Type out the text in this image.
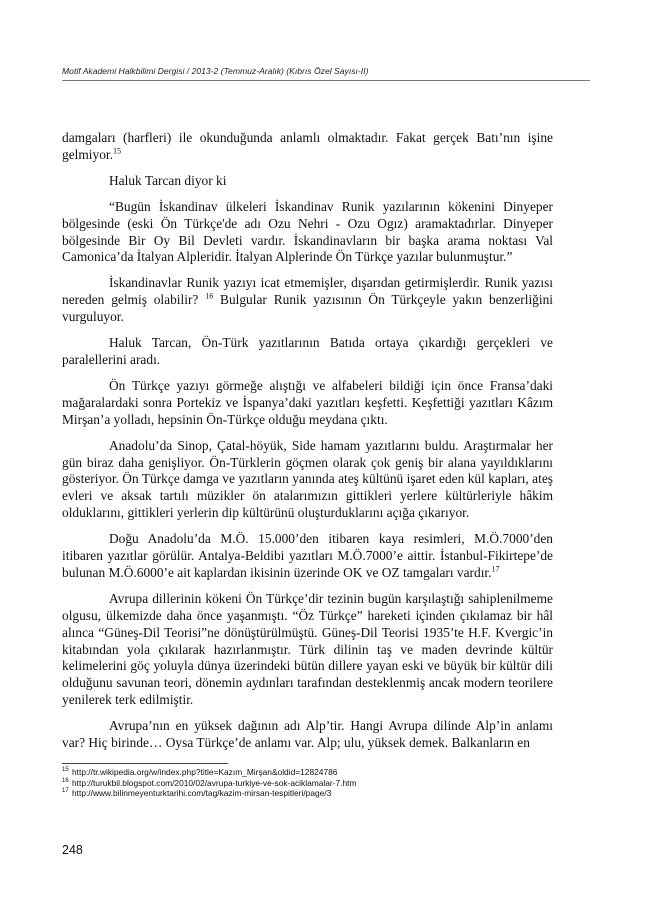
Motif Akademi Halkbilimi Dergisi / 2013-2 (Temmuz-Aralık) (Kıbrıs Özel Sayısı-II)

damgaları (harfleri) ile okunduğunda anlamlı olmaktadır. Fakat gerçek Batı’nın işine gelmiyor.$^{15}$

Haluk Tarcan diyor ki

“Bugün İskandinav ülkeleri İskandinav Runik yazılarının kökenini Dinyeper bölgesinde (eski Ön Türkçe'de adı Ozu Nehri - Ozu Ogız) aramaktadırlar. Dinyeper bölgesinde Bir Oy Bil Devleti vardır. İskandinavların bir başka arama noktası Val Camonica’da İtalyan Alpleridir. İtalyan Alplerinde Ön Türkçe yazılar bulunmuştur.”

İskandinavlar Runik yazıyı icat etmemişler, dışarıdan getirmişlerdir. Runik yazısı nereden gelmiş olabilir? $^{16}$ Bulgular Runik yazısının Ön Türkçeyle yakın benzerliğini vurguluyor.

Haluk Tarcan, Ön-Türk yazıtlarının Batıda ortaya çıkardığı gerçekleri ve paralellerini aradı.

Ön Türkçe yazıyı görmeğe alıştığı ve alfabeleri bildiği için önce Fransa’daki mağaralardaki sonra Portekiz ve İspanya’daki yazıtları keşfetti. Keşfettiği yazıtları Kâzım Mirşan’a yolladı, hepsinin Ön-Türkçe olduğu meydana çıktı.

Anadolu’da Sinop, Çatal-höyük, Side hamam yazıtlarını buldu. Araştırmalar her gün biraz daha genişliyor. Ön-Türklerin göçmen olarak çok geniş bir alana yayıldıklarını gösteriyor. Ön Türkçe damga ve yazıtların yanında ateş kültünü işaret eden kül kapları, ateş evleri ve aksak tartılı müzikler ön atalarımızın gittikleri yerlere kültürleriyle hâkim olduklarını, gittikleri yerlerin dip kültürünü oluşturduklarını açığa çıkarıyor.

Doğu Anadolu’da M.Ö. 15.000’den itibaren kaya resimleri, M.Ö.7000’den itibaren yazıtlar görülür. Antalya-Beldibi yazıtları M.Ö.7000’e aittir. İstanbul-Fikirtepe’de bulunan M.Ö.6000’e ait kaplardan ikisinin üzerinde OK ve OZ tamgaları vardır.$^{17}$

Avrupa dillerinin kökeni Ön Türkçe’dir tezinin bugün karşılaştığı sahiplenilmeme olgusu, ülkemizde daha önce yaşanmıştı. “Öz Türkçe” hareketi içinden çıkılamaz bir hâl alınca “Güneş-Dil Teorisi”ne dönüştürülmüştü. Güneş-Dil Teorisi 1935’te H.F. Kvergic’in kitabından yola çıkılarak hazırlanmıştır. Türk dilinin taş ve maden devrinde kültür kelimelerini göç yoluyla dünya üzerindeki bütün dillere yayan eski ve büyük bir kültür dili olduğunu savunan teori, dönemin aydınları tarafından desteklenmiş ancak modern teorilere yenilerek terk edilmiştir.

Avrupa’nın en yüksek dağının adı Alp’tir. Hangi Avrupa dilinde Alp’in anlamı var? Hiç birinde… Oysa Türkçe’de anlamı var. Alp; ulu, yüksek demek. Balkanların en

$^{15}$ http://tr.wikipedia.org/w/index.php?title=Kazım_Mirşan&oldid=12824786
$^{16}$ http://turukbil.blogspot.com/2010/02/avrupa-turkiye-ve-sok-aciklamalar-7.htm
$^{17}$ http://www.bilinmeyenturktarihi.com/tag/kazim-mirsan-tespitleri/page/3
248
